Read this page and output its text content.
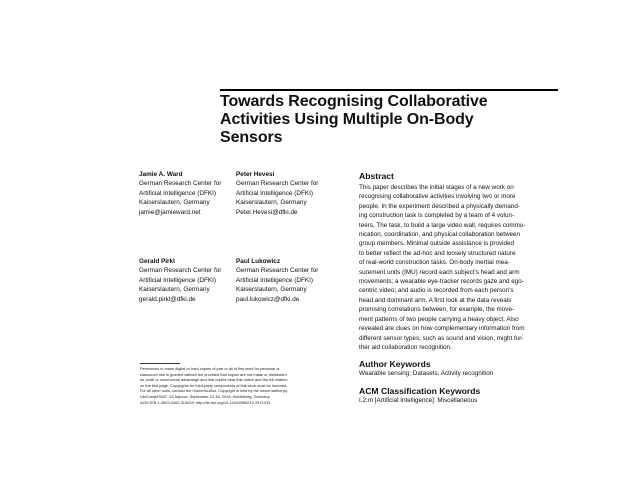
Towards Recognising Collaborative
Activities Using Multiple On-Body
Sensors
Jamie A. Ward
German Research Center for
Artificial Intelligence (DFKI)
Kaiserslautern, Germany
jamie@jamieward.net
Peter Hevesi
German Research Center for
Artificial Intelligence (DFKI)
Kaiserslautern, Germany
Peter.Hevesi@dfki.de
Gerald Pirkl
German Research Center for
Artificial Intelligence (DFKI)
Kaiserslautern, Germany
gerald.pirkl@dfki.de
Paul Lukowicz
German Research Center for
Artificial Intelligence (DFKI)
Kaiserslautern, Germany
paul.lukowicz@dfki.de
Permission to make digital or hard copies of part or all of this work for personal or
classroom use is granted without fee provided that copies are not made or distributed
for profit or commercial advantage and that copies bear this notice and the full citation
on the first page. Copyrights for third-party components of this work must be honored.
For all other uses, contact the Owner/Author. Copyright is held by the owner/author(s).
UbiComp/ISWC '16 Adjunct, September 12-16, 2016, Heidelberg, Germany
ACM 978-1-4503-4462-3/16/09. http://dx.doi.org/10.1145/2968219.2971433
Abstract
This paper describes the initial stages of a new work on
recognising collaborative activities involving two or more
people. In the experiment described a physically demand-
ing construction task is completed by a team of 4 volun-
teers. The task, to build a large video wall, requires commu-
nication, coordination, and physical collaboration between
group members. Minimal outside assistance is provided
to better reflect the ad-hoc and loosely structured nature
of real-world construction tasks. On-body inertial mea-
surement units (IMU) record each subject's head and arm
movements; a wearable eye-tracker records gaze and ego-
centric video; and audio is recorded from each person's
head and dominant arm. A first look at the data reveals
promising correlations between, for example, the move-
ment patterns of two people carrying a heavy object. Also
revealed are clues on how complementary information from
different sensor types, such as sound and vision, might fur-
ther aid collaboration recognition.
Author Keywords
Wearable sensing; Datasets; Activity recognition
ACM Classification Keywords
I.2.m [Artificial Intelligence]: Miscellaneous
